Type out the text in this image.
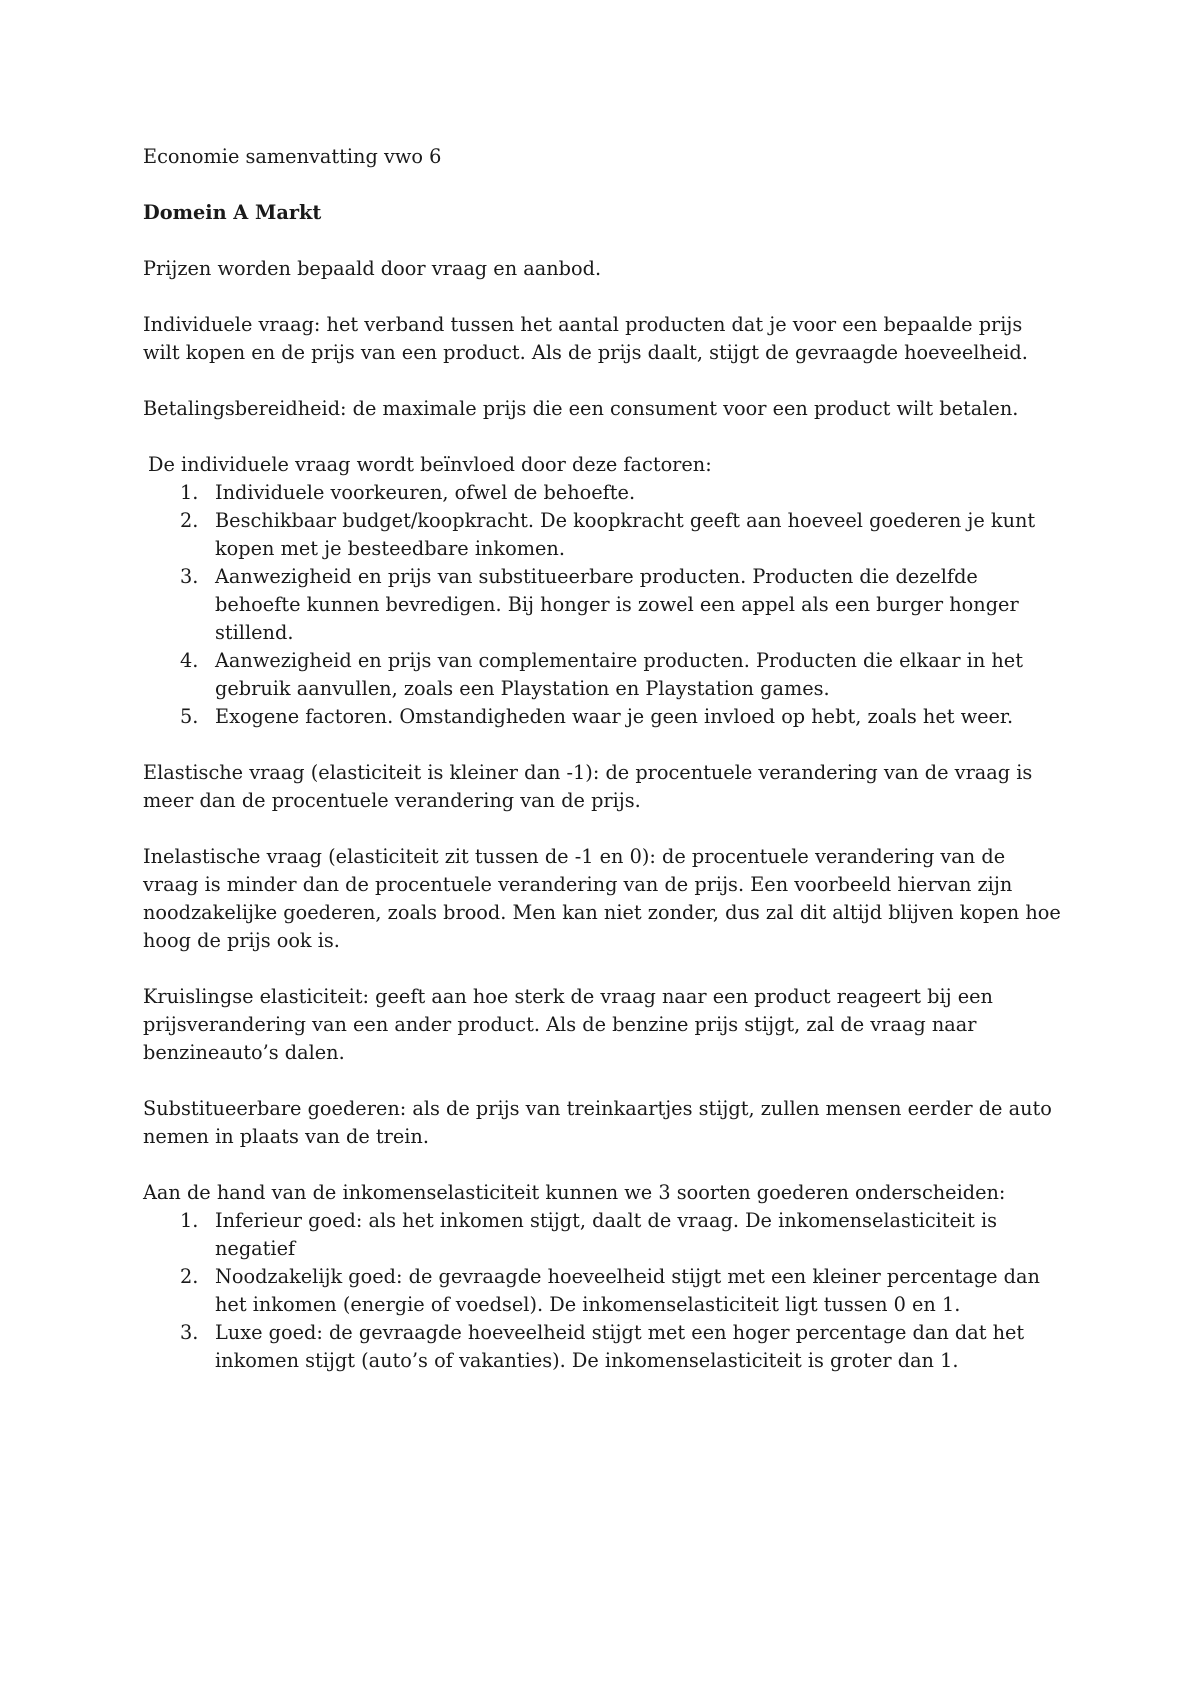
Economie samenvatting vwo 6
Domein A Markt

Prijzen worden bepaald door vraag en aanbod.

Individuele vraag: het verband tussen het aantal producten dat je voor een bepaalde prijs wilt kopen en de prijs van een product. Als de prijs daalt, stijgt de gevraagde hoeveelheid.

Betalingsbereidheid: de maximale prijs die een consument voor een product wilt betalen.

De individuele vraag wordt beïnvloed door deze factoren:
1. Individuele voorkeuren, ofwel de behoefte.
2. Beschikbaar budget/koopkracht. De koopkracht geeft aan hoeveel goederen je kunt kopen met je besteedbare inkomen.
3. Aanwezigheid en prijs van substitueerbare producten. Producten die dezelfde behoefte kunnen bevredigen. Bij honger is zowel een appel als een burger honger stillend.
4. Aanwezigheid en prijs van complementaire producten. Producten die elkaar in het gebruik aanvullen, zoals een Playstation en Playstation games.
5. Exogene factoren. Omstandigheden waar je geen invloed op hebt, zoals het weer.

Elastische vraag (elasticiteit is kleiner dan -1): de procentuele verandering van de vraag is meer dan de procentuele verandering van de prijs.

Inelastische vraag (elasticiteit zit tussen de -1 en 0): de procentuele verandering van de vraag is minder dan de procentuele verandering van de prijs. Een voorbeeld hiervan zijn noodzakelijke goederen, zoals brood. Men kan niet zonder, dus zal dit altijd blijven kopen hoe hoog de prijs ook is.

Kruislingse elasticiteit: geeft aan hoe sterk de vraag naar een product reageert bij een prijsverandering van een ander product. Als de benzine prijs stijgt, zal de vraag naar benzineauto’s dalen.

Substitueerbare goederen: als de prijs van treinkaartjes stijgt, zullen mensen eerder de auto nemen in plaats van de trein.

Aan de hand van de inkomenselasticiteit kunnen we 3 soorten goederen onderscheiden:
1. Inferieur goed: als het inkomen stijgt, daalt de vraag. De inkomenselasticiteit is negatief
2. Noodzakelijk goed: de gevraagde hoeveelheid stijgt met een kleiner percentage dan het inkomen (energie of voedsel). De inkomenselasticiteit ligt tussen 0 en 1.
3. Luxe goed: de gevraagde hoeveelheid stijgt met een hoger percentage dan dat het inkomen stijgt (auto’s of vakanties). De inkomenselasticiteit is groter dan 1.
